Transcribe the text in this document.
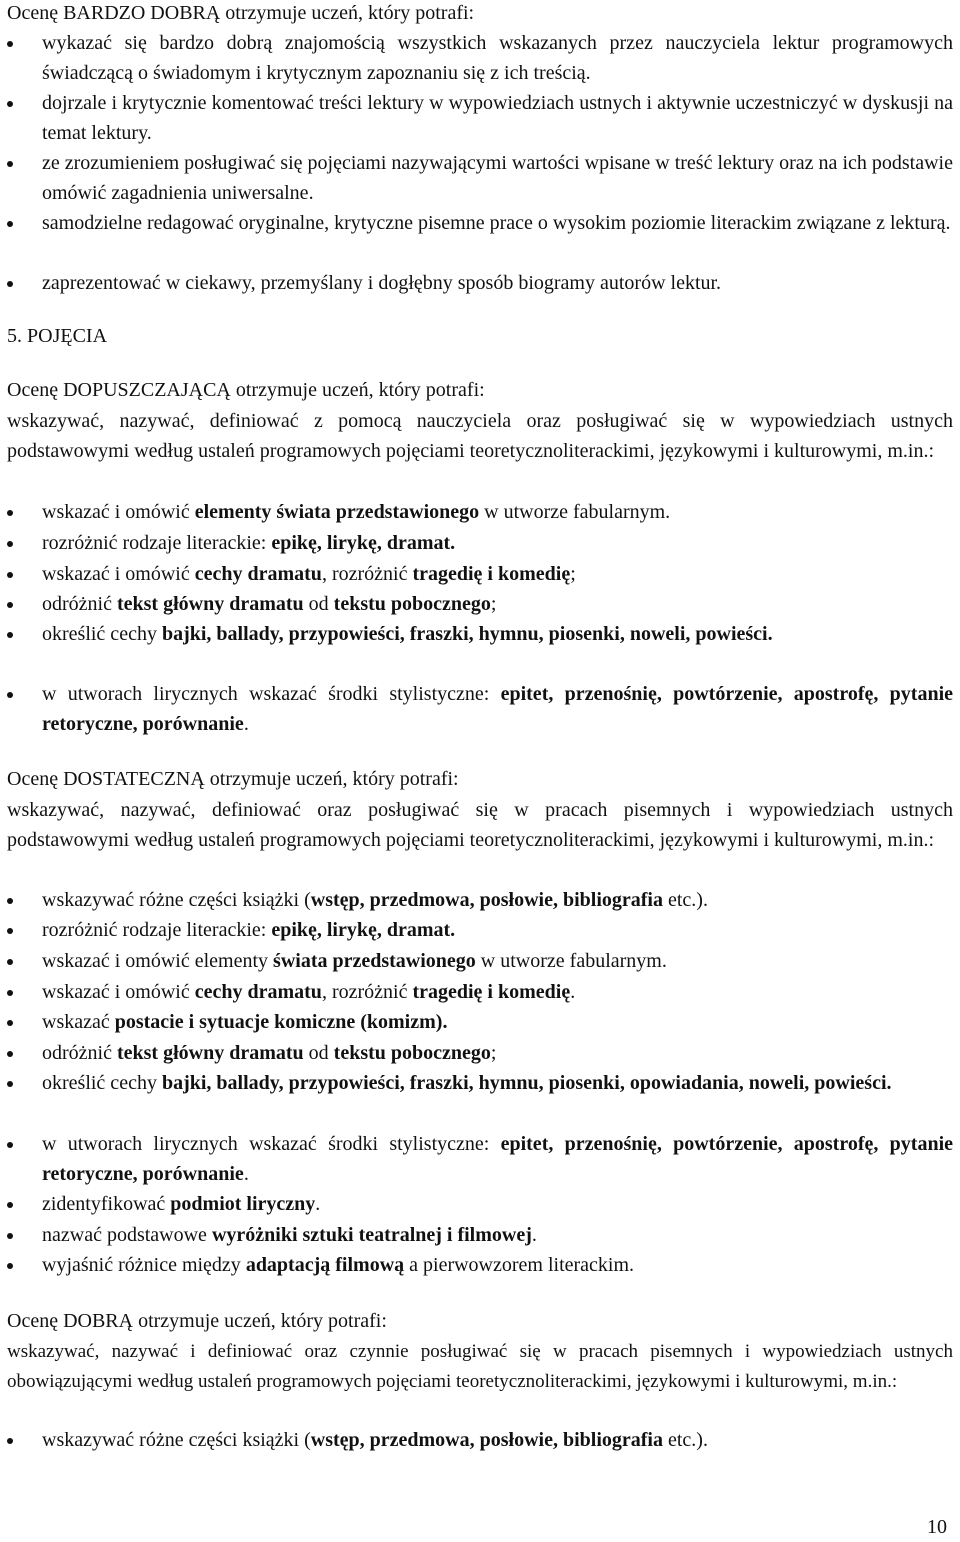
Ocenę BARDZO DOBRĄ otrzymuje uczeń, który potrafi:
wykazać się bardzo dobrą znajomością wszystkich wskazanych przez nauczyciela lektur programowych świadczącą o świadomym i krytycznym zapoznaniu się z ich treścią.
dojrzale i krytycznie komentować treści lektury w wypowiedziach ustnych i aktywnie uczestniczyć w dyskusji na temat lektury.
ze zrozumieniem posługiwać się pojęciami nazywającymi wartości wpisane w treść lektury oraz na ich podstawie omówić zagadnienia uniwersalne.
samodzielne redagować oryginalne, krytyczne pisemne prace o wysokim poziomie literackim związane z lekturą.
zaprezentować w ciekawy, przemyślany i dogłębny sposób biogramy autorów lektur.
5. POJĘCIA
Ocenę DOPUSZCZAJĄCĄ otrzymuje uczeń, który potrafi:
wskazywać, nazywać, definiować z pomocą nauczyciela oraz posługiwać się w wypowiedziach ustnych podstawowymi według ustaleń programowych pojęciami teoretycznoliterackimi, językowymi i kulturowymi, m.in.:
wskazać i omówić elementy świata przedstawionego w utworze fabularnym.
rozróżnić rodzaje literackie: epikę, lirykę, dramat.
wskazać i omówić cechy dramatu, rozróżnić tragedię i komedię;
odróżnić tekst główny dramatu od tekstu pobocznego;
określić cechy bajki, ballady, przypowieści, fraszki, hymnu, piosenki, noweli, powieści.
w utworach lirycznych wskazać środki stylistyczne: epitet, przenośnię, powtórzenie, apostrofę, pytanie retoryczne, porównanie.
Ocenę DOSTATECZNĄ otrzymuje uczeń, który potrafi:
wskazywać, nazywać, definiować oraz posługiwać się w pracach pisemnych i wypowiedziach ustnych podstawowymi według ustaleń programowych pojęciami teoretycznoliterackimi, językowymi i kulturowymi, m.in.:
wskazywać różne części książki (wstęp, przedmowa, posłowie, bibliografia etc.).
rozróżnić rodzaje literackie: epikę, lirykę, dramat.
wskazać i omówić elementy świata przedstawionego w utworze fabularnym.
wskazać i omówić cechy dramatu, rozróżnić tragedię i komedię.
wskazać postacie i sytuacje komiczne (komizm).
odróżnić tekst główny dramatu od tekstu pobocznego;
określić cechy bajki, ballady, przypowieści, fraszki, hymnu, piosenki, opowiadania, noweli, powieści.
w utworach lirycznych wskazać środki stylistyczne: epitet, przenośnię, powtórzenie, apostrofę, pytanie retoryczne, porównanie.
zidentyfikować podmiot liryczny.
nazwać podstawowe wyróżniki sztuki teatralnej i filmowej.
wyjaśnić różnice między adaptacją filmową a pierwowzorem literackim.
Ocenę DOBRĄ otrzymuje uczeń, który potrafi:
wskazywać, nazywać i definiować oraz czynnie posługiwać się w pracach pisemnych i wypowiedziach ustnych obowiązującymi według ustaleń programowych pojęciami teoretycznoliterackimi, językowymi i kulturowymi, m.in.:
wskazywać różne części książki (wstęp, przedmowa, posłowie, bibliografia etc.).
10
